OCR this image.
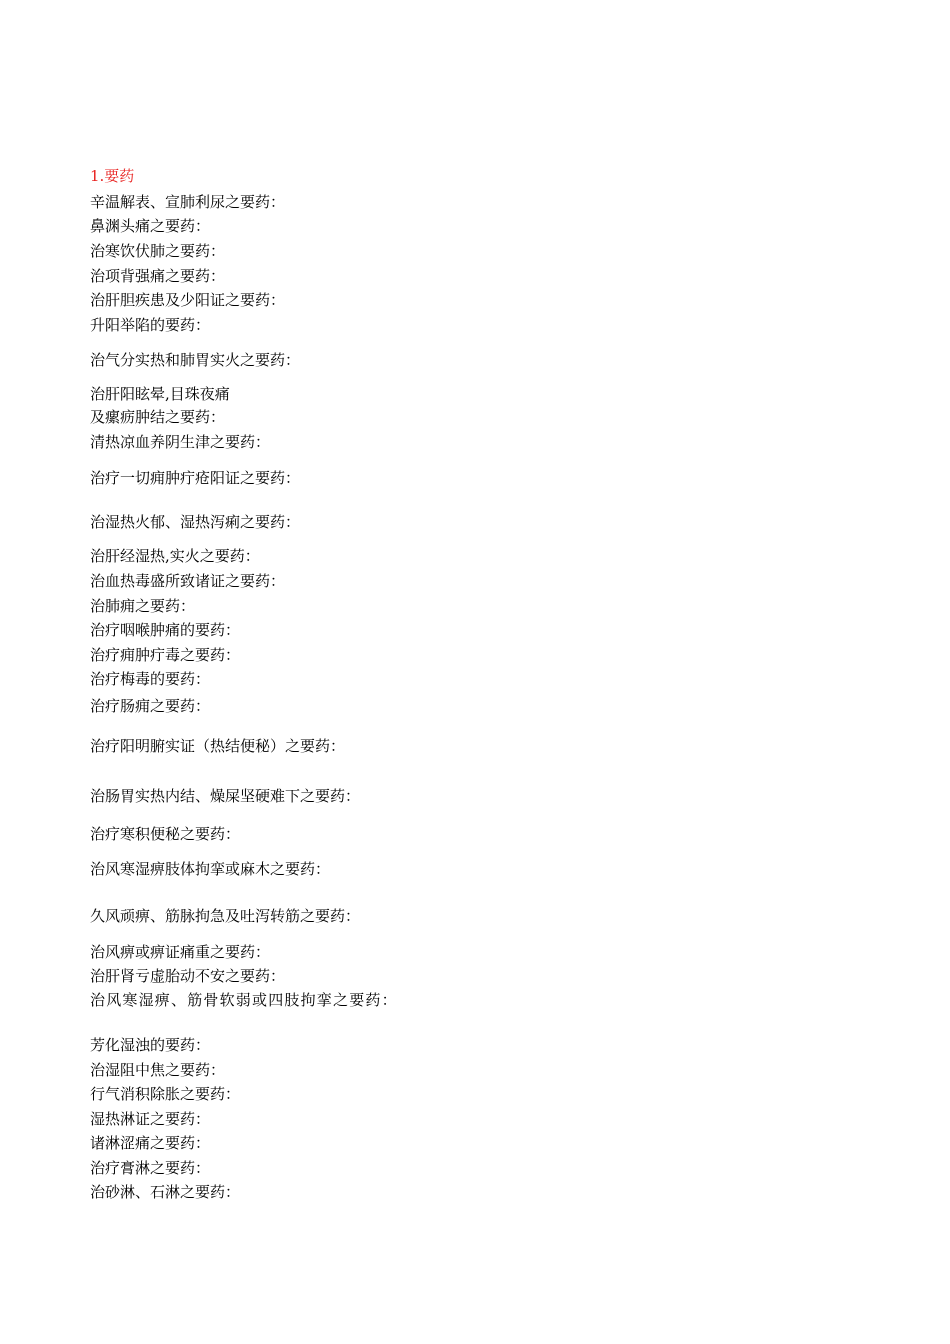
1.要药
辛温解表、宣肺利尿之要药：
鼻渊头痛之要药：
治寒饮伏肺之要药：
治项背强痛之要药：
治肝胆疾患及少阳证之要药：
升阳举陷的要药：
治气分实热和肺胃实火之要药：
治肝阳眩晕,目珠夜痛
及瘰疬肿结之要药：
清热凉血养阴生津之要药：
治疗一切痈肿疔疮阳证之要药：
治湿热火郁、湿热泻痢之要药：
治肝经湿热,实火之要药：
治血热毒盛所致诸证之要药：
治肺痈之要药：
治疗咽喉肿痛的要药：
治疗痈肿疔毒之要药：
治疗梅毒的要药：
治疗肠痈之要药：
治疗阳明腑实证（热结便秘）之要药：
治肠胃实热内结、燥屎坚硬难下之要药：
治疗寒积便秘之要药：
治风寒湿痹肢体拘挛或麻木之要药：
久风顽痹、筋脉拘急及吐泻转筋之要药：
治风痹或痹证痛重之要药：
治肝肾亏虚胎动不安之要药：
治风寒湿痹、筋骨软弱或四肢拘挛之要药：
芳化湿浊的要药：
治湿阻中焦之要药：
行气消积除胀之要药：
湿热淋证之要药：
诸淋涩痛之要药：
治疗膏淋之要药：
治砂淋、石淋之要药：
